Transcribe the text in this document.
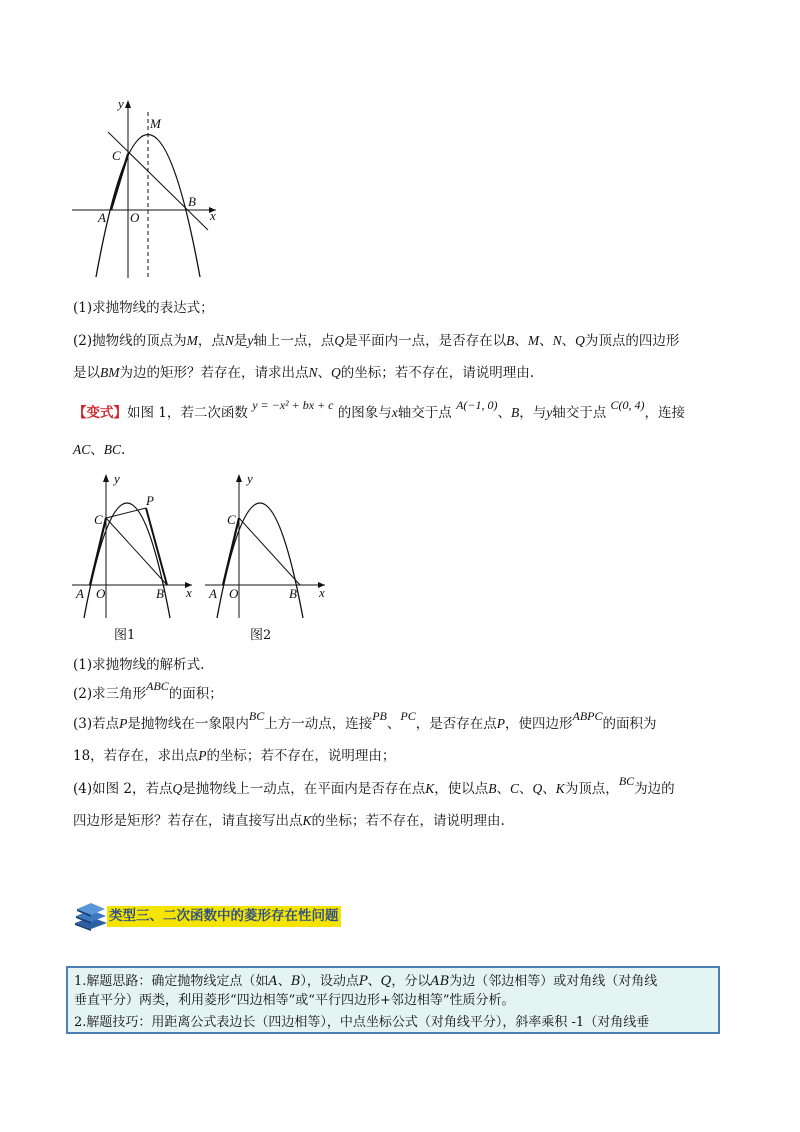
y
x
M
C
B
A O
(1)求抛物线的表达式；
(2)抛物线的顶点为M，点N是y轴上一点，点Q是平面内一点，是否存在以B、M、N、Q为顶点的四边形
是以BM为边的矩形？若存在，请求出点N、Q的坐标；若不存在，请说明理由.
【变式】如图 1，若二次函数 y = −x² + bx + c 的图象与x轴交于点 A(−1, 0)、B，与y轴交于点 C(0, 4)，连接
AC、BC.
y
x
C
P
A O	B
图1
y
x
C
A O	B
图2
(1)求抛物线的解析式.
(2)求三角形ABC的面积；
(3)若点P是抛物线在一象限内BC上方一动点，连接PB、PC，是否存在点P，使四边形ABPC的面积为
18，若存在，求出点P的坐标；若不存在，说明理由；
(4)如图 2，若点Q是抛物线上一动点，在平面内是否存在点K，使以点B、C、Q、K为顶点，BC为边的
四边形是矩形？若存在，请直接写出点K的坐标；若不存在，请说明理由.
类型三、二次函数中的菱形存在性问题
1.解题思路：确定抛物线定点（如A、B），设动点P、Q，分以AB为边（邻边相等）或对角线（对角线
垂直平分）两类，利用菱形“四边相等”或“平行四边形+邻边相等”性质分析。
2.解题技巧：用距离公式表边长（四边相等），中点坐标公式（对角线平分），斜率乘积 -1（对角线垂
